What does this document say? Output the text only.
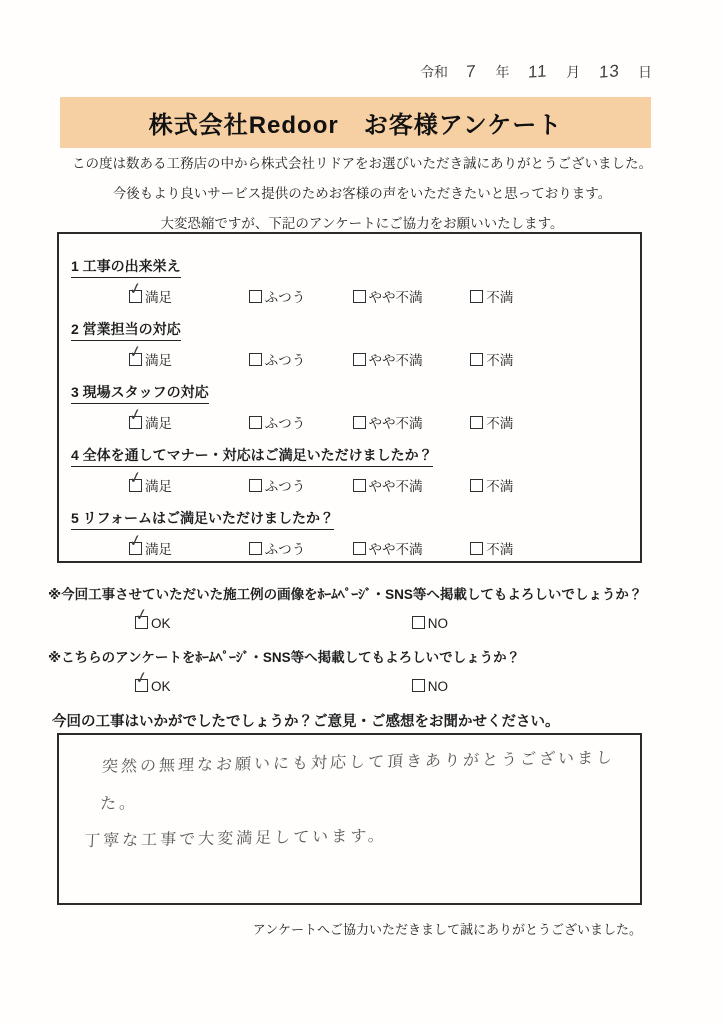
令和 7 年 11 月 13 日
株式会社Redoor　お客様アンケート

この度は数ある工務店の中から株式会社リドアをお選びいただき誠にありがとうございました。

今後もより良いサービス提供のためお客様の声をいただきたいと思っております。

大変恐縮ですが、下記のアンケートにご協力をお願いいたします。

1 工事の出来栄え
✓ 満足	ふつう	やや不満	不満
2 営業担当の対応
✓ 満足	ふつう	やや不満	不満
3 現場スタッフの対応
✓ 満足	ふつう	やや不満	不満
4 全体を通してマナー・対応はご満足いただけましたか？
✓ 満足	ふつう	やや不満	不満
5 リフォームはご満足いただけましたか？
✓ 満足	ふつう	やや不満	不満

※今回工事させていただいた施工例の画像をﾎｰﾑﾍﾟｰｼﾞ・SNS等へ掲載してもよろしいでしょうか？

✓ OK	NO

※こちらのアンケートをﾎｰﾑﾍﾟｰｼﾞ・SNS等へ掲載してもよろしいでしょうか？

✓ OK	NO
今回の工事はいかがでしたでしょうか？ご意見・ご感想をお聞かせください。
突然の無理なお願いにも対応して頂きありがとうございました。
丁寧な工事で大変満足しています。
アンケートへご協力いただきまして誠にありがとうございました。
